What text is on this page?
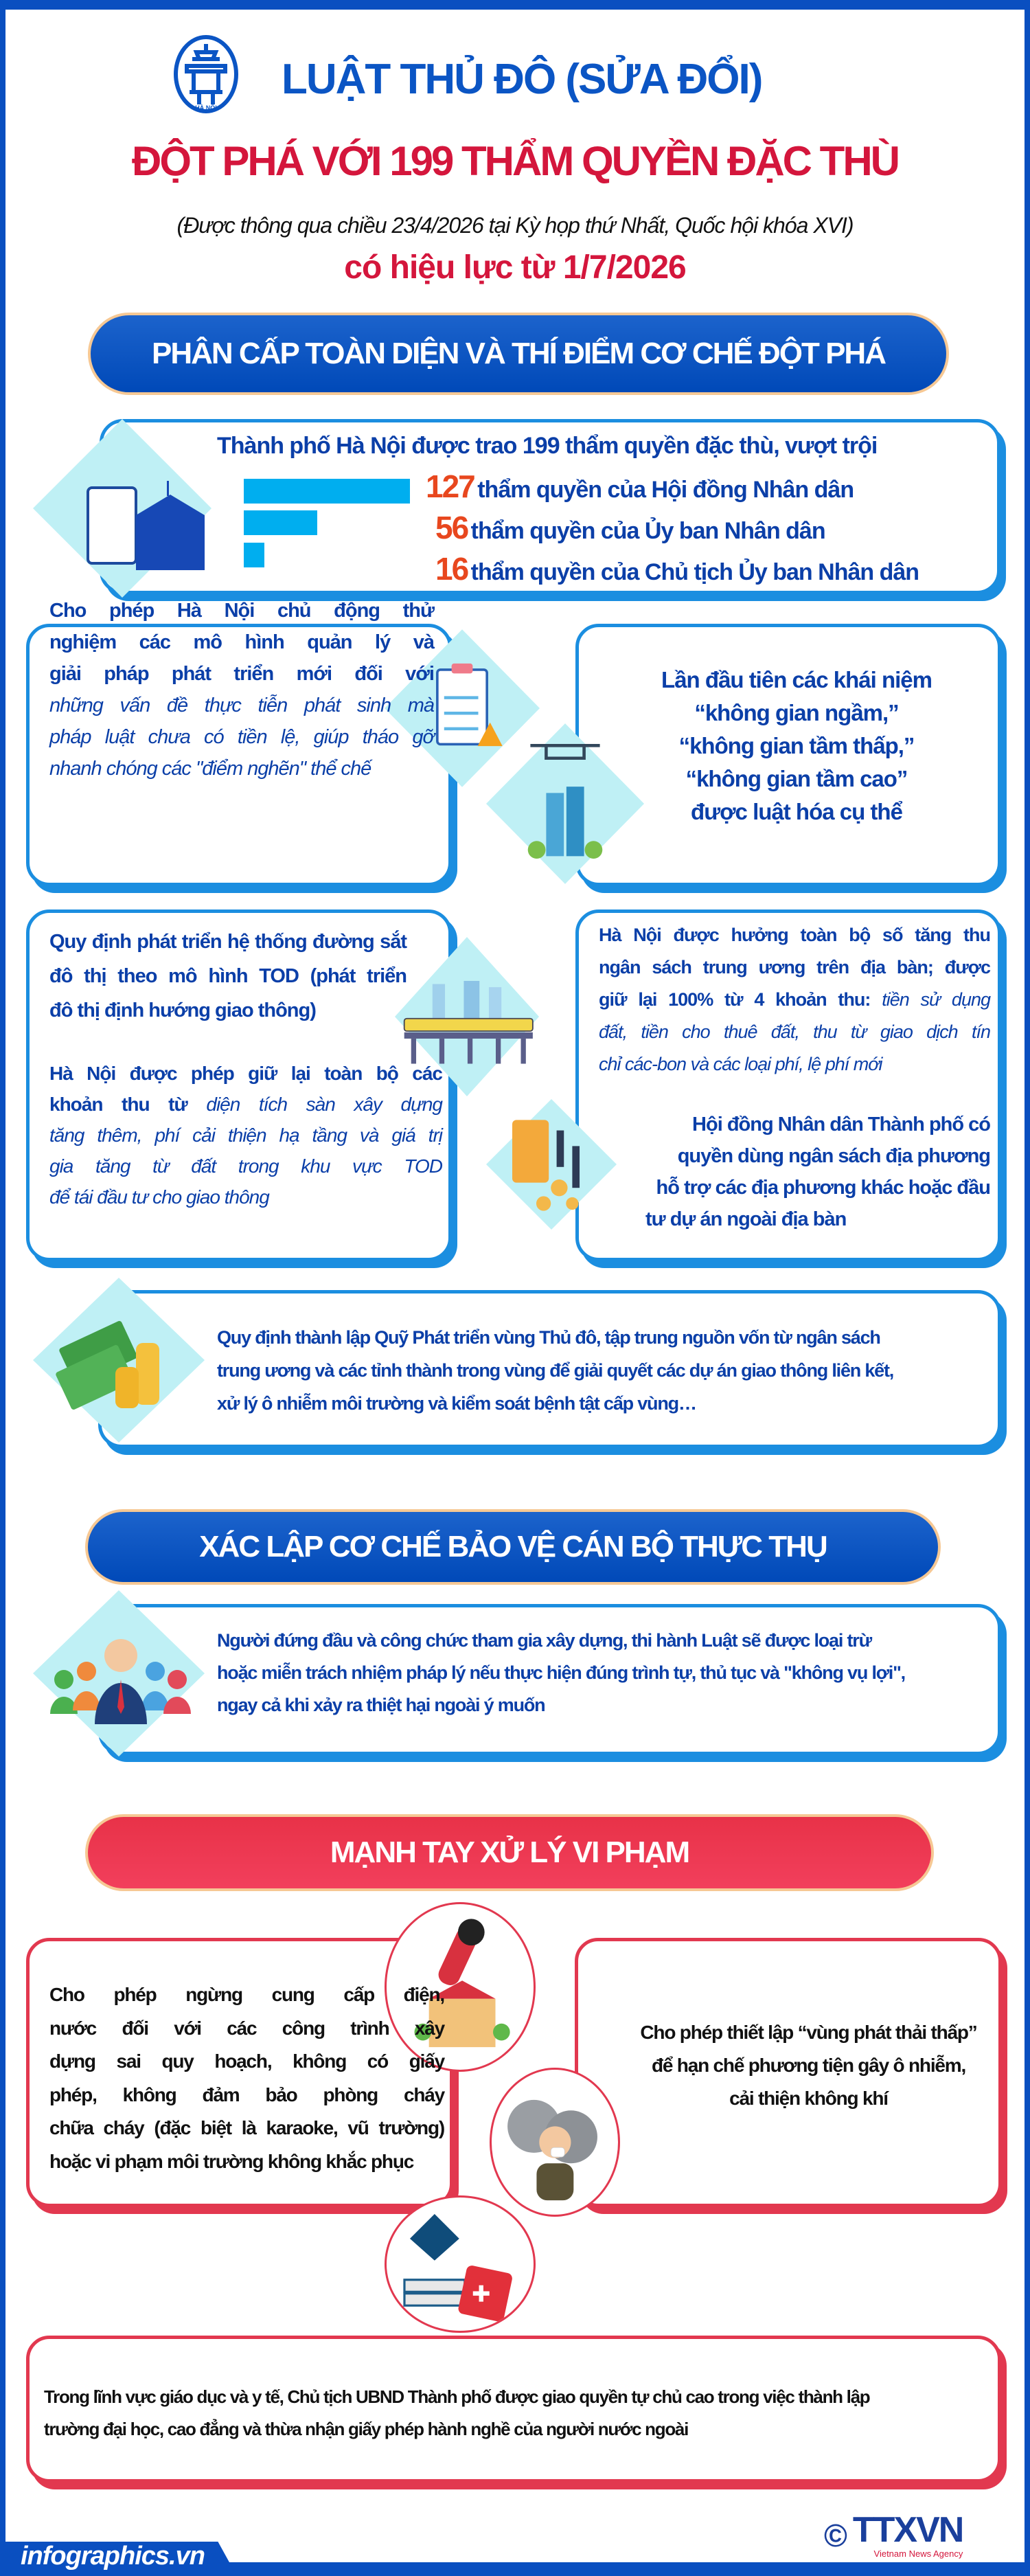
HÀ NỘI
LUẬT THỦ ĐÔ (SỬA ĐỔI)
ĐỘT PHÁ VỚI 199 THẨM QUYỀN ĐẶC THÙ
(Được thông qua chiều 23/4/2026 tại Kỳ họp thứ Nhất, Quốc hội khóa XVI)
có hiệu lực từ 1/7/2026
PHÂN CẤP TOÀN DIỆN VÀ THÍ ĐIỂM CƠ CHẾ ĐỘT PHÁ
Thành phố Hà Nội được trao 199 thẩm quyền đặc thù, vượt trội
127 thẩm quyền của Hội đồng Nhân dân
56 thẩm quyền của Ủy ban Nhân dân
16 thẩm quyền của Chủ tịch Ủy ban Nhân dân
Cho phép Hà Nội chủ động thử
nghiệm các mô hình quản lý và
giải pháp phát triển mới đối với
những vấn đề thực tiễn phát sinh mà
pháp luật chưa có tiền lệ, giúp tháo gỡ
nhanh chóng các "điểm nghẽn" thể chế
Lần đầu tiên các khái niệm
“không gian ngầm,”
“không gian tầm thấp,”
“không gian tầm cao”
được luật hóa cụ thể
Quy định phát triển hệ thống đường sắt
đô thị theo mô hình TOD (phát triển
đô thị định hướng giao thông)
Hà Nội được phép giữ lại toàn bộ các
khoản thu từ diện tích sàn xây dựng
tăng thêm, phí cải thiện hạ tầng và giá trị
gia tăng từ đất trong khu vực TOD
để tái đầu tư cho giao thông
Hà Nội được hưởng toàn bộ số tăng thu
ngân sách trung ương trên địa bàn; được
giữ lại 100% từ 4 khoản thu: tiền sử dụng
đất, tiền cho thuê đất, thu từ giao dịch tín
chỉ các-bon và các loại phí, lệ phí mới
Hội đồng Nhân dân Thành phố có
quyền dùng ngân sách địa phương
hỗ trợ các địa phương khác hoặc đầu
tư dự án ngoài địa bàn
Quy định thành lập Quỹ Phát triển vùng Thủ đô, tập trung nguồn vốn từ ngân sách
trung ương và các tỉnh thành trong vùng để giải quyết các dự án giao thông liên kết,
xử lý ô nhiễm môi trường và kiểm soát bệnh tật cấp vùng…
XÁC LẬP CƠ CHẾ BẢO VỆ CÁN BỘ THỰC THỤ
Người đứng đầu và công chức tham gia xây dựng, thi hành Luật sẽ được loại trừ
hoặc miễn trách nhiệm pháp lý nếu thực hiện đúng trình tự, thủ tục và "không vụ lợi",
ngay cả khi xảy ra thiệt hại ngoài ý muốn
MẠNH TAY XỬ LÝ VI PHẠM
Cho phép ngừng cung cấp điện,
nước đối với các công trình xây
dựng sai quy hoạch, không có giấy
phép, không đảm bảo phòng cháy
chữa cháy (đặc biệt là karaoke, vũ trường)
hoặc vi phạm môi trường không khắc phục
Cho phép thiết lập “vùng phát thải thấp”
để hạn chế phương tiện gây ô nhiễm,
cải thiện không khí
Trong lĩnh vực giáo dục và y tế, Chủ tịch UBND Thành phố được giao quyền tự chủ cao trong việc thành lập
trường đại học, cao đẳng và thừa nhận giấy phép hành nghề của người nước ngoài
© TTXVN
Vietnam News Agency
infographics.vn
